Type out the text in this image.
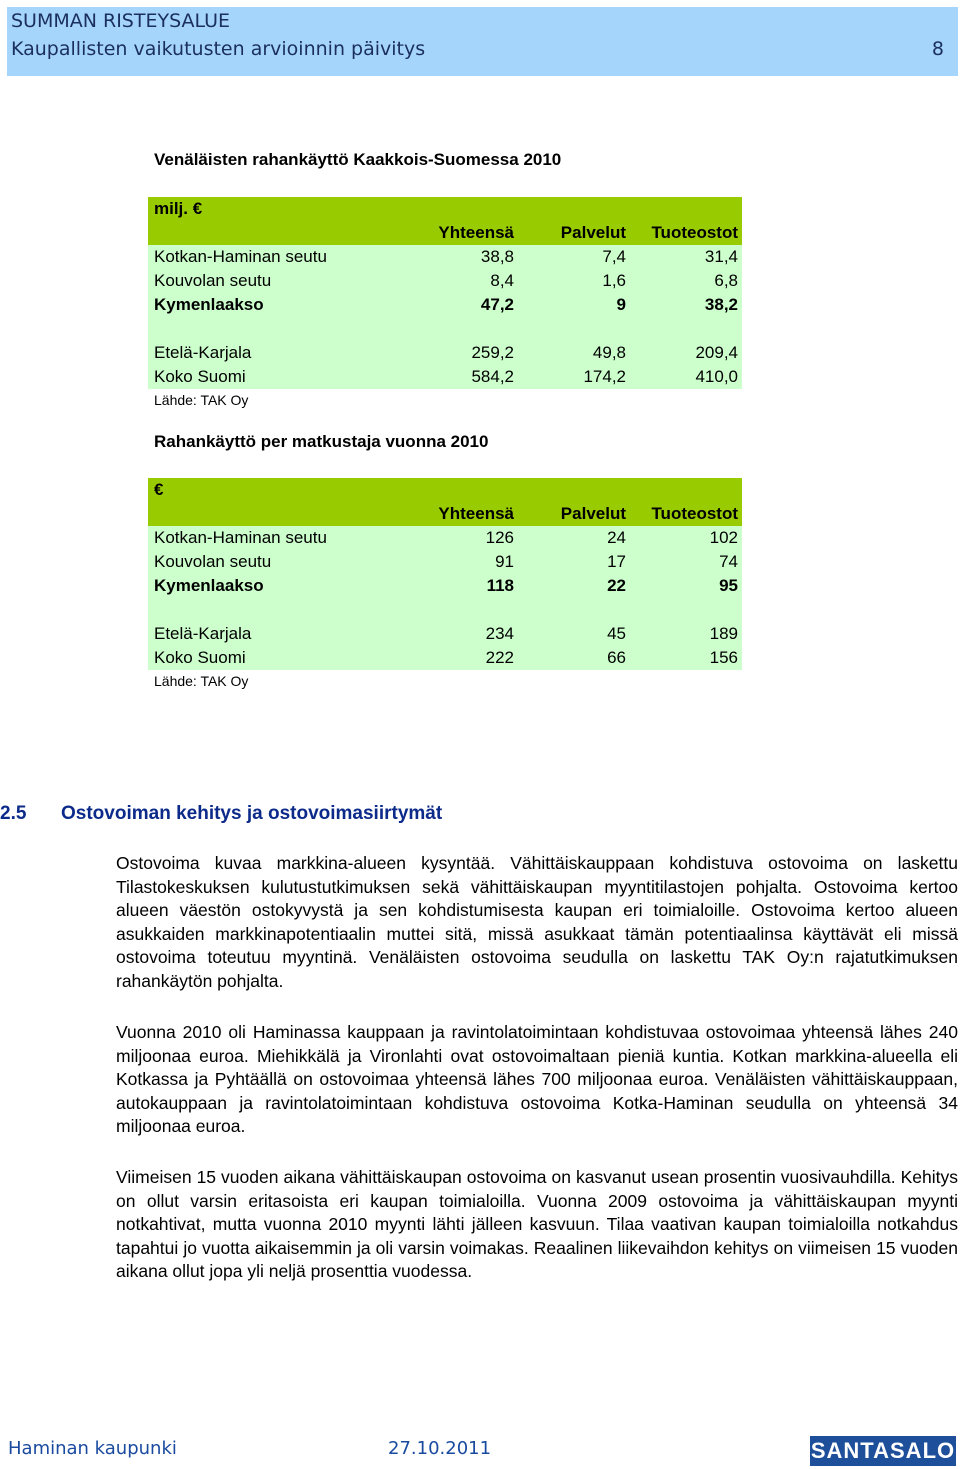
SUMMAN RISTEYSALUE
Kaupallisten vaikutusten arvioinnin päivitys	8
Venäläisten rahankäyttö Kaakkois-Suomessa 2010
milj. €			
	Yhteensä	Palvelut	Tuoteostot
Kotkan-Haminan seutu	38,8	7,4	31,4
Kouvolan seutu	8,4	1,6	6,8
Kymenlaakso	47,2	9	38,2

Etelä-Karjala	259,2	49,8	209,4
Koko Suomi	584,2	174,2	410,0
Lähde: TAK Oy			
Rahankäyttö per matkustaja vuonna 2010
€			
	Yhteensä	Palvelut	Tuoteostot
Kotkan-Haminan seutu	126	24	102
Kouvolan seutu	91	17	74
Kymenlaakso	118	22	95

Etelä-Karjala	234	45	189
Koko Suomi	222	66	156
Lähde: TAK Oy			
2.5 Ostovoiman kehitys ja ostovoimasiirtymät
Ostovoima kuvaa markkina-alueen kysyntää. Vähittäiskauppaan kohdistuva ostovoima on laskettu Tilastokeskuksen kulutustutkimuksen sekä vähittäiskaupan myyntitilastojen pohjalta. Ostovoima kertoo alueen väestön ostokyvystä ja sen kohdistumisesta kaupan eri toimialoille. Ostovoima kertoo alueen asukkaiden markkinapotentiaalin muttei sitä, missä asukkaat tämän potentiaalinsa käyttävät eli missä ostovoima toteutuu myyntinä. Venäläisten ostovoima seudulla on laskettu TAK Oy:n rajatutkimuksen rahankäytön pohjalta.
Vuonna 2010 oli Haminassa kauppaan ja ravintolatoimintaan kohdistuvaa ostovoimaa yhteensä lähes 240 miljoonaa euroa. Miehikkälä ja Vironlahti ovat ostovoimaltaan pieniä kuntia. Kotkan markkina-alueella eli Kotkassa ja Pyhtäällä on ostovoimaa yhteensä lähes 700 miljoonaa euroa. Venäläisten vähittäiskauppaan, autokauppaan ja ravintolatoimintaan kohdistuva ostovoima Kotka-Haminan seudulla on yhteensä 34 miljoonaa euroa.
Viimeisen 15 vuoden aikana vähittäiskaupan ostovoima on kasvanut usean prosentin vuosivauhdilla. Kehitys on ollut varsin eritasoista eri kaupan toimialoilla. Vuonna 2009 ostovoima ja vähittäiskaupan myynti notkahtivat, mutta vuonna 2010 myynti lähti jälleen kasvuun. Tilaa vaativan kaupan toimialoilla notkahdus tapahtui jo vuotta aikaisemmin ja oli varsin voimakas. Reaalinen liikevaihdon kehitys on viimeisen 15 vuoden aikana ollut jopa yli neljä prosenttia vuodessa.
Haminan kaupunki	27.10.2011	SANTASALO
